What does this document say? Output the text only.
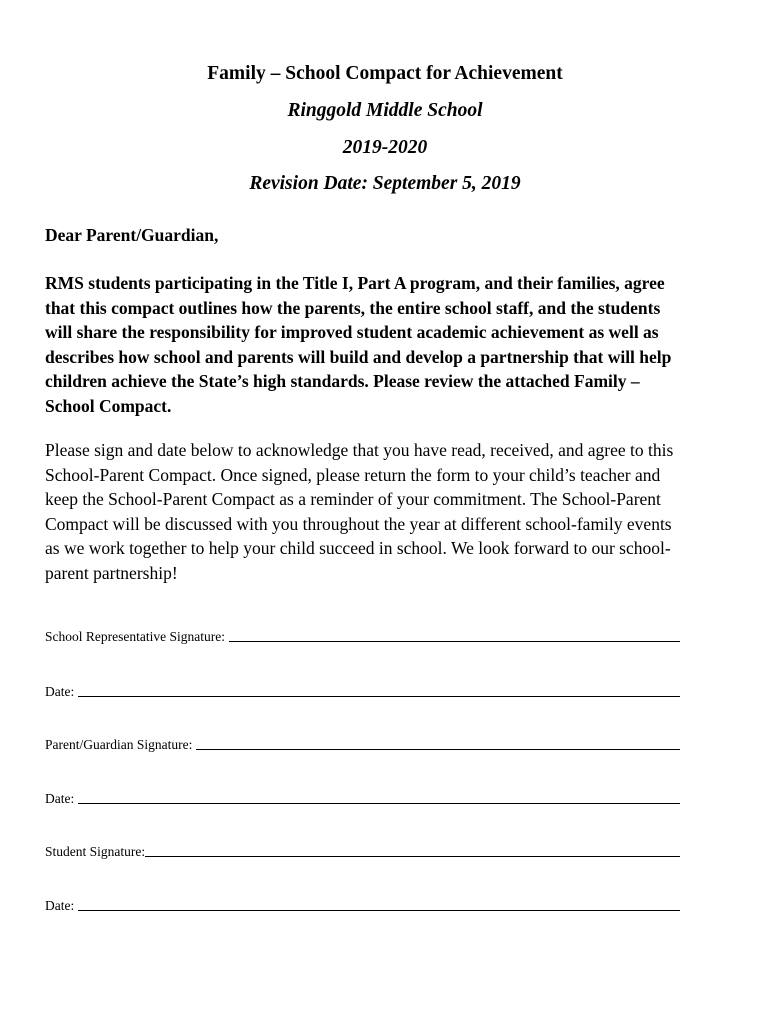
Family – School Compact for Achievement
Ringgold Middle School
2019-2020
Revision Date: September 5, 2019
Dear Parent/Guardian,
RMS students participating in the Title I, Part A program, and their families, agree
that this compact outlines how the parents, the entire school staff, and the students
will share the responsibility for improved student academic achievement as well as
describes how school and parents will build and develop a partnership that will help
children achieve the State’s high standards. Please review the attached Family –
School Compact.
Please sign and date below to acknowledge that you have read, received, and agree to this
School-Parent Compact. Once signed, please return the form to your child’s teacher and
keep the School-Parent Compact as a reminder of your commitment. The School-Parent
Compact will be discussed with you throughout the year at different school-family events
as we work together to help your child succeed in school. We look forward to our school-
parent partnership!
School Representative Signature:
Date:
Parent/Guardian Signature:
Date:
Student Signature:
Date:
